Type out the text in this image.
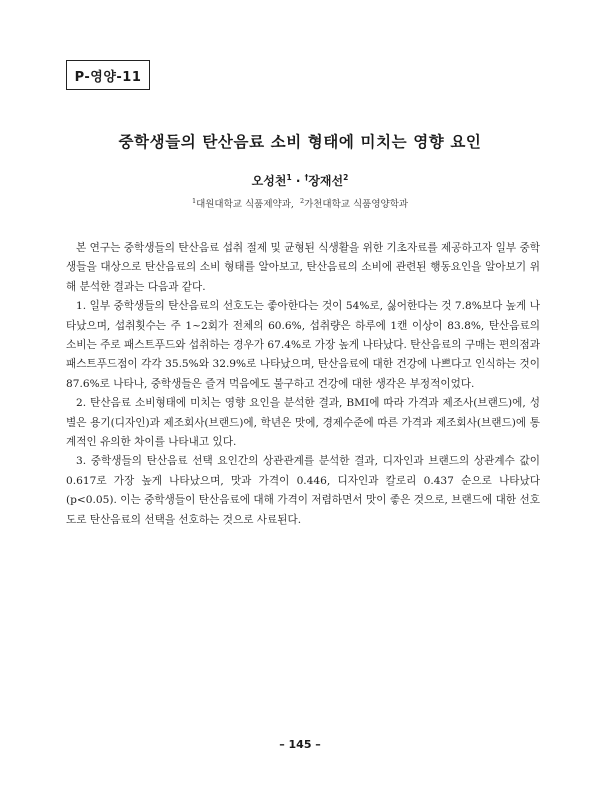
P-영양-11
중학생들의 탄산음료 소비 형태에 미치는 영향 요인
오성천$^1$ · †장재선$^2$
$^1$대원대학교 식품제약과, $^2$가천대학교 식품영양학과

본 연구는 중학생들의 탄산음료 섭취 절제 및 균형된 식생활을 위한 기초자료를 제공하고자 일부 중학생들을 대상으로 탄산음료의 소비 형태를 알아보고, 탄산음료의 소비에 관련된 행동요인을 알아보기 위해 분석한 결과는 다음과 같다.

1. 일부 중학생들의 탄산음료의 선호도는 좋아한다는 것이 54%로, 싫어한다는 것 7.8%보다 높게 나타났으며, 섭취횟수는 주 1~2회가 전체의 60.6%, 섭취량은 하루에 1캔 이상이 83.8%, 탄산음료의 소비는 주로 패스트푸드와 섭취하는 경우가 67.4%로 가장 높게 나타났다. 탄산음료의 구매는 편의점과 패스트푸드점이 각각 35.5%와 32.9%로 나타났으며, 탄산음료에 대한 건강에 나쁘다고 인식하는 것이 87.6%로 나타나, 중학생들은 즐겨 먹음에도 불구하고 건강에 대한 생각은 부정적이었다.

2. 탄산음료 소비형태에 미치는 영향 요인을 분석한 결과, BMI에 따라 가격과 제조사(브랜드)에, 성별은 용기(디자인)과 제조회사(브랜드)에, 학년은 맛에, 경제수준에 따른 가격과 제조회사(브랜드)에 통계적인 유의한 차이를 나타내고 있다.

3. 중학생들의 탄산음료 선택 요인간의 상관관계를 분석한 결과, 디자인과 브랜드의 상관계수 값이 0.617로 가장 높게 나타났으며, 맛과 가격이 0.446, 디자인과 칼로리 0.437 순으로 나타났다(p<0.05). 이는 중학생들이 탄산음료에 대해 가격이 저렴하면서 맛이 좋은 것으로, 브랜드에 대한 선호도로 탄산음료의 선택을 선호하는 것으로 사료된다.

– 145 –
